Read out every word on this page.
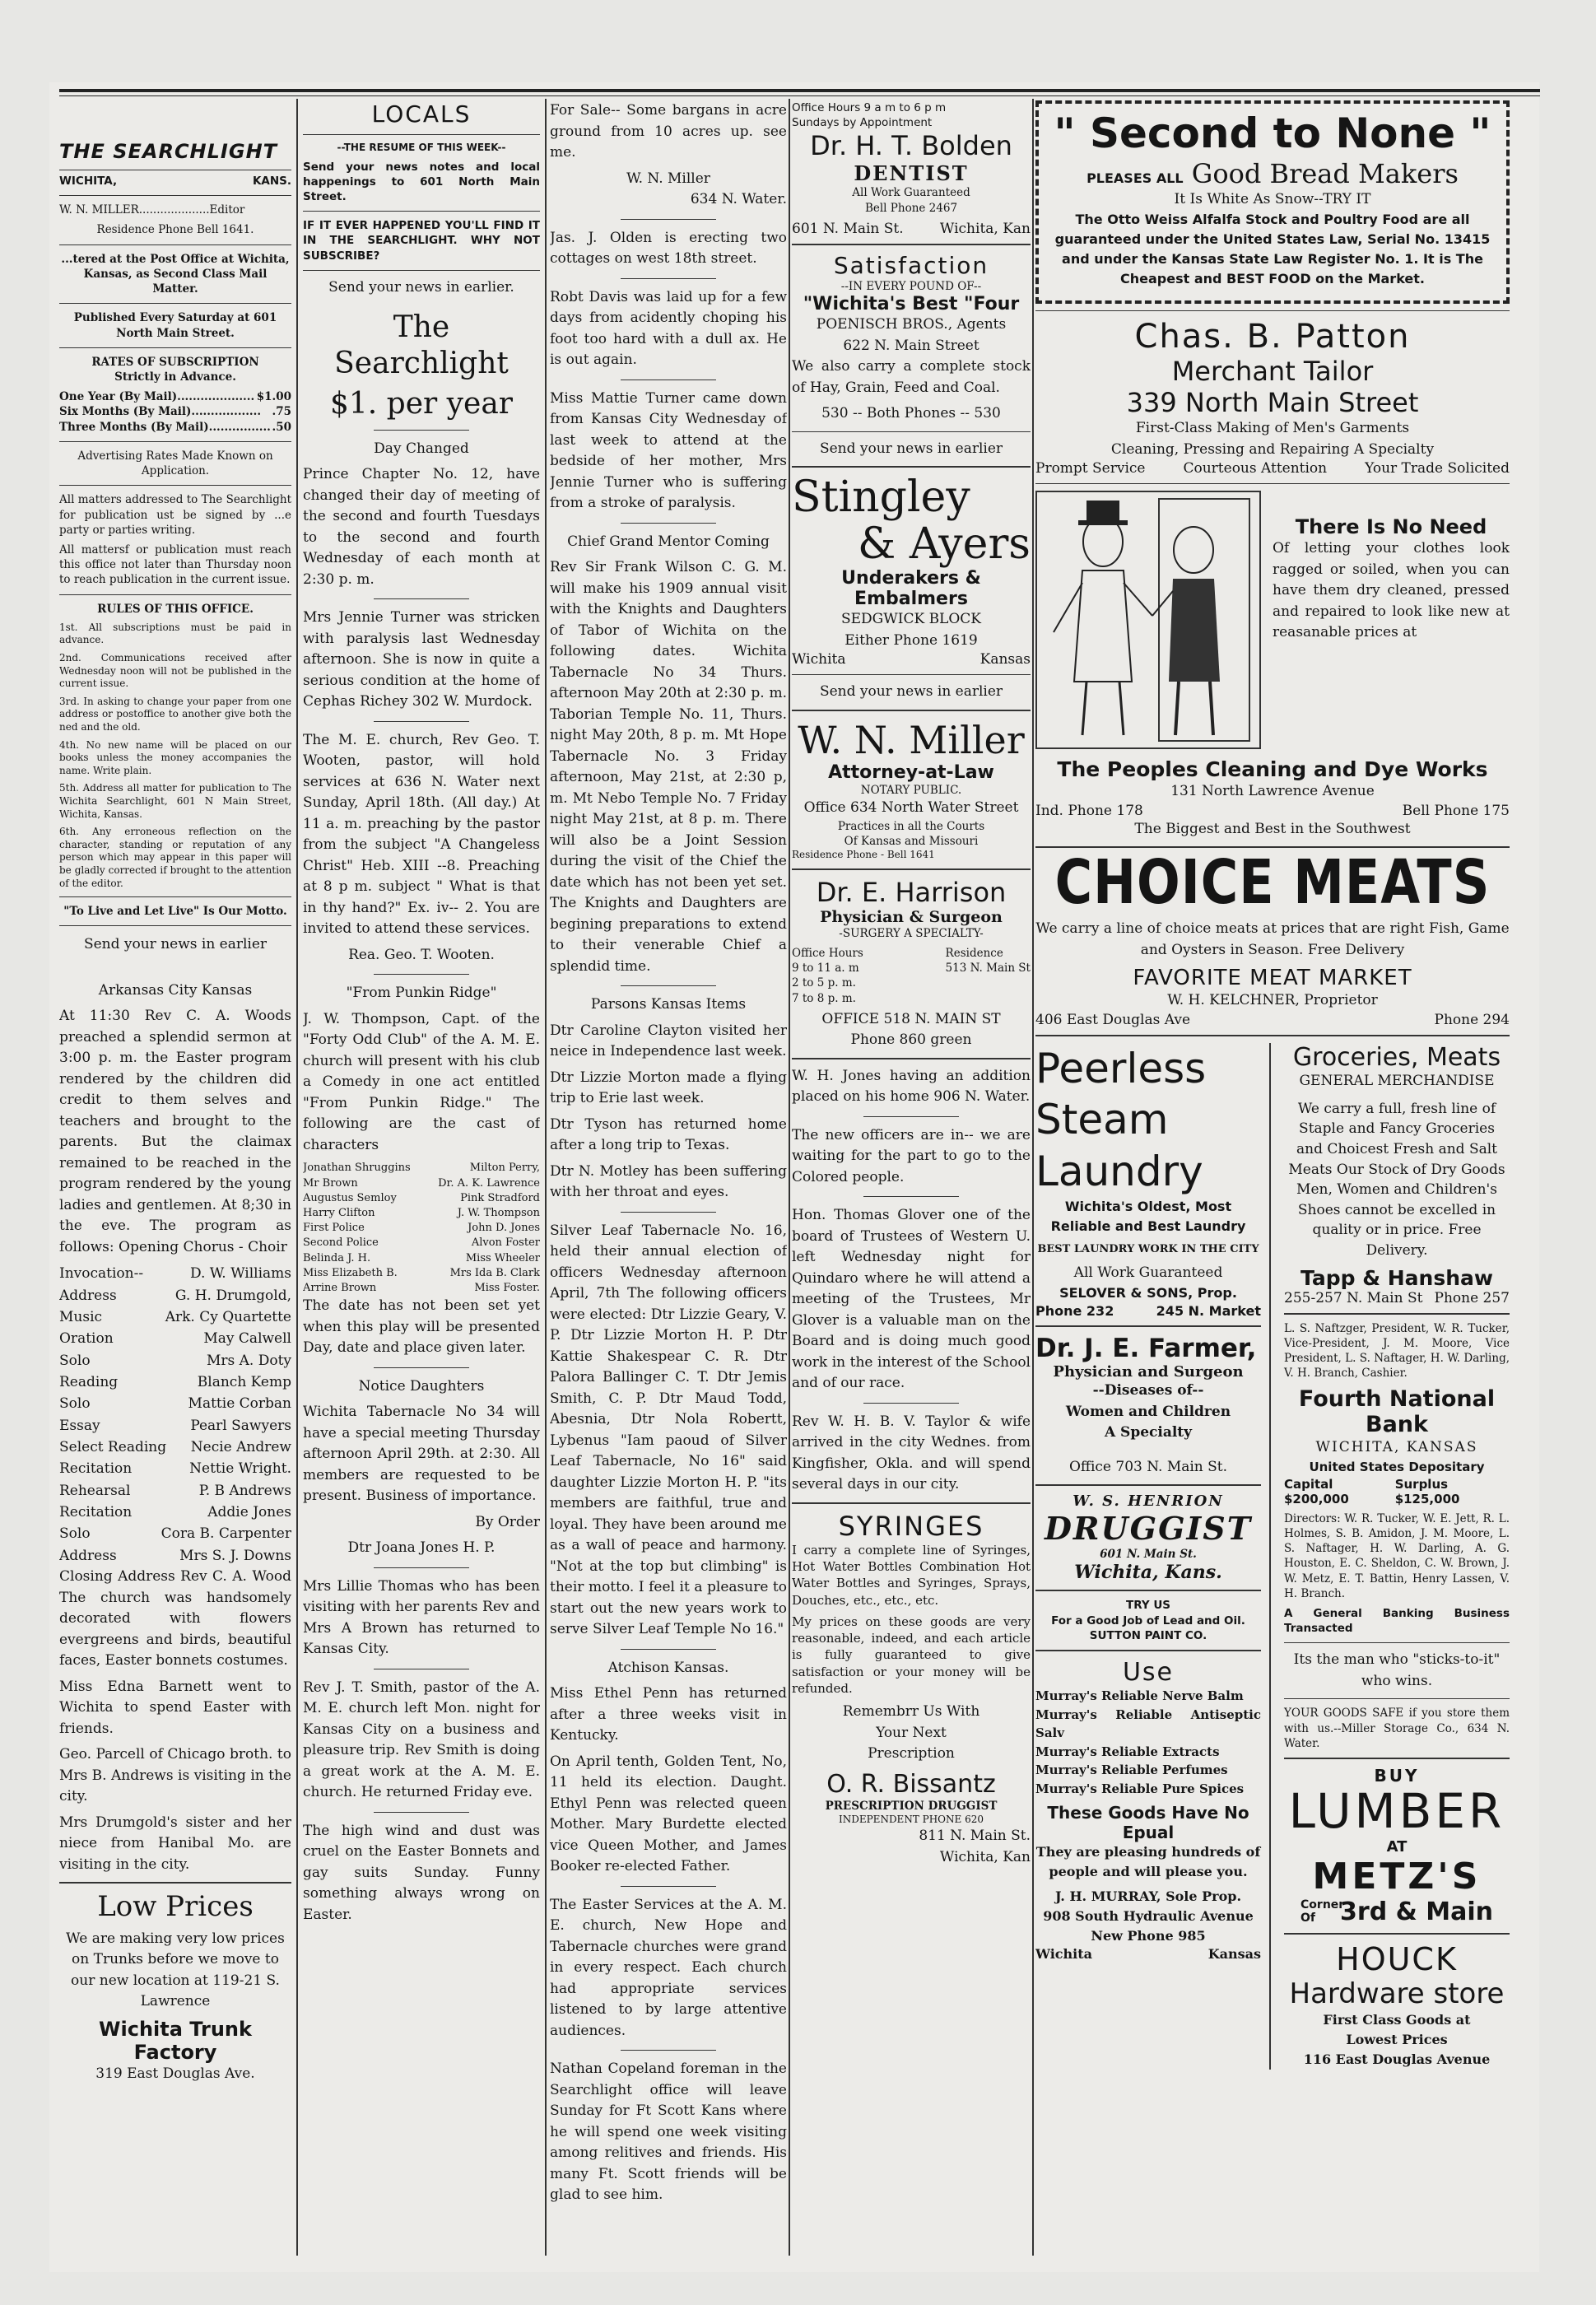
THE SEARCHLIGHT
WICHITA,	KANS.

W. N. MILLER....................Editor

Residence Phone Bell 1641.

...tered at the Post Office at Wichita, Kansas, as Second Class Mail Matter.

Published Every Saturday at 601 North Main Street.

RATES OF SUBSCRIPTION

Strictly in Advance.

One Year (By Mail).................... $1.00
Six Months (By Mail).................. .75
Three Months (By Mail)................ .50

Advertising Rates Made Known on Application.

All matters addressed to The Searchlight for publication ust be signed by ...e party or parties writing.

All mattersf or publication must reach this office not later than Thursday noon to reach publication in the current issue.

RULES OF THIS OFFICE.

1st. All subscriptions must be paid in advance.

2nd. Communications received after Wednesday noon will not be published in the current issue.

3rd. In asking to change your paper from one address or postoffice to another give both the ned and the old.

4th. No new name will be placed on our books unless the money accompanies the name. Write plain.

5th. Address all matter for publication to The Wichita Searchlight, 601 N Main Street, Wichita, Kansas.

6th. Any erroneous reflection on the character, standing or reputation of any person which may appear in this paper will be gladly corrected if brought to the attention of the editor.

"To Live and Let Live" Is Our Motto.

Send your news in earlier

Arkansas City Kansas

At 11:30 Rev C. A. Woods preached a splendid sermon at 3:00 p. m. the Easter program rendered by the children did credit to them selves and teachers and brought to the parents. But the claimax remained to be reached in the program rendered by the young ladies and gentlemen. At 8;30 in the eve. The program as follows: Opening Chorus - Choir

Invocation--	D. W. Williams
Address	G. H. Drumgold,
Music	Ark. Cy Quartette
Oration	May Calwell
Solo	Mrs A. Doty
Reading	Blanch Kemp
Solo	Mattie Corban
Essay	Pearl Sawyers
Select Reading Necie Andrew
Recitation	Nettie Wright.
Rehearsal	P. B Andrews
Recitation	Addie Jones
Solo	Cora B. Carpenter
Address	Mrs S. J. Downs

Closing Address Rev C. A. Wood The church was handsomely decorated with flowers evergreens and birds, beautiful faces, Easter bonnets costumes.

Miss Edna Barnett went to Wichita to spend Easter with friends.

Geo. Parcell of Chicago broth. to Mrs B. Andrews is visiting in the city.

Mrs Drumgold's sister and her niece from Hanibal Mo. are visiting in the city.

Low Prices

We are making very low prices on Trunks before we move to our new location at 119-21 S. Lawrence

Wichita Trunk Factory

319 East Douglas Ave.

LOCALS

--THE RESUME OF THIS WEEK--

Send your news notes and local happenings to 601 North Main Street.

IF IT EVER HAPPENED YOU'LL FIND IT IN THE SEARCHLIGHT. WHY NOT SUBSCRIBE?

Send your news in earlier.

The Searchlight
$1. per year

Day Changed

Prince Chapter No. 12, have changed their day of meeting of the second and fourth Tuesdays to the second and fourth Wednesday of each month at 2:30 p. m.

Mrs Jennie Turner was stricken with paralysis last Wednesday afternoon. She is now in quite a serious condition at the home of Cephas Richey 302 W. Murdock.

The M. E. church, Rev Geo. T. Wooten, pastor, will hold services at 636 N. Water next Sunday, April 18th. (All day.) At 11 a. m. preaching by the pastor from the subject "A Changeless Christ" Heb. XIII --8. Preaching at 8 p m. subject " What is that in thy hand?" Ex. iv-- 2. You are invited to attend these services.

Rea. Geo. T. Wooten.

"From Punkin Ridge"

J. W. Thompson, Capt. of the "Forty Odd Club" of the A. M. E. church will present with his club a Comedy in one act entitled "From Punkin Ridge." The following are the cast of characters

Jonathan Shruggins	Milton Perry,
Mr Brown	Dr. A. K. Lawrence
Augustus Semloy	Pink Stradford
Harry Clifton	J. W. Thompson
First Police	John D. Jones
Second Police	Alvon Foster
Belinda J. H.	Miss Wheeler
Miss Elizabeth B.	Mrs Ida B. Clark
Arrine Brown	Miss Foster.

The date has not been set yet when this play will be presented Day, date and place given later.

Notice Daughters

Wichita Tabernacle No 34 will have a special meeting Thursday afternoon April 29th. at 2:30. All members are requested to be present. Business of importance.

By Order

Dtr Joana Jones H. P.

Mrs Lillie Thomas who has been visiting with her parents Rev and Mrs A Brown has returned to Kansas City.

Rev J. T. Smith, pastor of the A. M. E. church left Mon. night for Kansas City on a business and pleasure trip. Rev Smith is doing a great work at the A. M. E. church. He returned Friday eve.

The high wind and dust was cruel on the Easter Bonnets and gay suits Sunday. Funny something always wrong on Easter.

For Sale-- Some bargans in acre ground from 10 acres up. see me.

W. N. Miller

634 N. Water.

Jas. J. Olden is erecting two cottages on west 18th street.

Robt Davis was laid up for a few days from acidently choping his foot too hard with a dull ax. He is out again.

Miss Mattie Turner came down from Kansas City Wednesday of last week to attend at the bedside of her mother, Mrs Jennie Turner who is suffering from a stroke of paralysis.

Chief Grand Mentor Coming

Rev Sir Frank Wilson C. G. M. will make his 1909 annual visit with the Knights and Daughters of Tabor of Wichita on the following dates. Wichita Tabernacle No 34 Thurs. afternoon May 20th at 2:30 p. m. Taborian Temple No. 11, Thurs. night May 20th, 8 p. m. Mt Hope Tabernacle No. 3 Friday afternoon, May 21st, at 2:30 p, m. Mt Nebo Temple No. 7 Friday night May 21st, at 8 p. m. There will also be a Joint Session during the visit of the Chief the date which has not been yet set. The Knights and Daughters are begining preparations to extend to their venerable Chief a splendid time.

Parsons Kansas Items

Dtr Caroline Clayton visited her neice in Independence last week.

Dtr Lizzie Morton made a flying trip to Erie last week.

Dtr Tyson has returned home after a long trip to Texas.

Dtr N. Motley has been suffering with her throat and eyes.

Silver Leaf Tabernacle No. 16, held their annual election of officers Wednesday afternoon April, 7th The following officers were elected: Dtr Lizzie Geary, V. P. Dtr Lizzie Morton H. P. Dtr Kattie Shakespear C. R. Dtr Palora Ballinger C. T. Dtr Jemis Smith, C. P. Dtr Maud Todd, Abesnia, Dtr Nola Robertt, Lybenus "Iam paoud of Silver Leaf Tabernacle, No 16" said daughter Lizzie Morton H. P. "its members are faithful, true and loyal. They have been around me as a wall of peace and harmony. "Not at the top but climbing" is their motto. I feel it a pleasure to start out the new years work to serve Silver Leaf Temple No 16."

Atchison Kansas.

Miss Ethel Penn has returned after a three weeks visit in Kentucky.

On April tenth, Golden Tent, No, 11 held its election. Daught. Ethyl Penn was relected queen Mother. Mary Burdette elected vice Queen Mother, and James Booker re-elected Father.

The Easter Services at the A. M. E. church, New Hope and Tabernacle churches were grand in every respect. Each church had appropriate services listened to by large attentive audiences.

Nathan Copeland foreman in the Searchlight office will leave Sunday for Ft Scott Kans where he will spend one week visiting among relitives and friends. His many Ft. Scott friends will be glad to see him.

Office Hours 9 a m to 6 p m

Sundays by Appointment

Dr. H. T. Bolden
DENTIST

All Work Guaranteed

Bell Phone 2467

601 N. Main St.	Wichita, Kan
Satisfaction

--IN EVERY POUND OF--

"Wichita's Best "Four

POENISCH BROS., Agents

622 N. Main Street

We also carry a complete stock of Hay, Grain, Feed and Coal.

530 -- Both Phones -- 530

Send your news in earlier

Stingley
& Ayers
Underakers & Embalmers

SEDGWICK BLOCK

Either Phone 1619

Wichita	Kansas

Send your news in earlier

W. N. Miller
Attorney-at-Law

NOTARY PUBLIC.

Office 634 North Water Street

Practices in all the Courts

Of Kansas and Missouri

Residence Phone - Bell 1641

Dr. E. Harrison
Physician & Surgeon

-SURGERY A SPECIALTY-

Office Hours
9 to 11 a. m
2 to 5 p. m.
7 to 8 p. m.
Residence
513 N. Main St

OFFICE 518 N. MAIN ST

Phone 860 green

W. H. Jones having an addition placed on his home 906 N. Water.

The new officers are in-- we are waiting for the part to go to the Colored people.

Hon. Thomas Glover one of the board of Trustees of Western U. left Wednesday night for Quindaro where he will attend a meeting of the Trustees, Mr Glover is a valuable man on the Board and is doing much good work in the interest of the School and of our race.

Rev W. H. B. V. Taylor & wife arrived in the city Wednes. from Kingfisher, Okla. and will spend several days in our city.

SYRINGES

I carry a complete line of Syringes, Hot Water Bottles Combination Hot Water Bottles and Syringes, Sprays, Douches, etc., etc., etc.

My prices on these goods are very reasonable, indeed, and each article is fully guaranteed to give satisfaction or your money will be refunded.

Remembrr Us With

Your Next

Prescription

O. R. Bissantz

PRESCRIPTION DRUGGIST

INDEPENDENT PHONE 620

811 N. Main St.

Wichita, Kan

" Second to None "
PLEASES ALL Good Bread Makers

It Is White As Snow--TRY IT

The Otto Weiss Alfalfa Stock and Poultry Food are all guaranteed under the United States Law, Serial No. 13415 and under the Kansas State Law Register No. 1. It is The Cheapest and BEST FOOD on the Market.

Chas. B. Patton
Merchant Tailor
339 North Main Street

First-Class Making of Men's Garments

Cleaning, Pressing and Repairing A Specialty

Prompt Service	Courteous Attention	Your Trade Solicited
There Is No Need

Of letting your clothes look ragged or soiled, when you can have them dry cleaned, pressed and repaired to look like new at reasanable prices at

The Peoples Cleaning and Dye Works

131 North Lawrence Avenue

Ind. Phone 178	Bell Phone 175

The Biggest and Best in the Southwest

CHOICE MEATS

We carry a line of choice meats at prices that are right Fish, Game and Oysters in Season. Free Delivery

FAVORITE MEAT MARKET

W. H. KELCHNER, Proprietor

406 East Douglas Ave	Phone 294
Peerless
Steam
Laundry

Wichita's Oldest, Most Reliable and Best Laundry

BEST LAUNDRY WORK IN THE CITY

All Work Guaranteed

SELOVER & SONS, Prop.

Phone 232	245 N. Market
Dr. J. E. Farmer,
Physician and Surgeon

--Diseases of--

Women and Children

A Specialty

Office 703 N. Main St.

W. S. HENRION
DRUGGIST

601 N. Main St.

Wichita, Kans.

TRY US

For a Good Job of Lead and Oil.

SUTTON PAINT CO.

Use

Murray's Reliable Nerve Balm

Murray's Reliable Antiseptic Salv

Murray's Reliable Extracts

Murray's Reliable Perfumes

Murray's Reliable Pure Spices

These Goods Have No Epual

They are pleasing hundreds of people and will please you.

J. H. MURRAY, Sole Prop.

908 South Hydraulic Avenue

New Phone 985

Wichita	Kansas
Groceries, Meats

GENERAL MERCHANDISE

We carry a full, fresh line of Staple and Fancy Groceries and Choicest Fresh and Salt Meats Our Stock of Dry Goods Men, Women and Children's Shoes cannot be excelled in quality or in price. Free Delivery.

Tapp & Hanshaw
255-257 N. Main St Phone 257

L. S. Naftzger, President, W. R. Tucker, Vice-President, J. M. Moore, Vice President, L. S. Naftager, H. W. Darling, V. H. Branch, Cashier.

Fourth National Bank

WICHITA, KANSAS

United States Depositary

Capital $200,000
Surplus $125,000

Directors: W. R. Tucker, W. E. Jett, R. L. Holmes, S. B. Amidon, J. M. Moore, L. S. Naftager, H. W. Darling, A. G. Houston, E. C. Sheldon, C. W. Brown, J. W. Metz, E. T. Battin, Henry Lassen, V. H. Branch.

A General Banking Business Transacted

Its the man who "sticks-to-it" who wins.

YOUR GOODS SAFE if you store them with us.--Miller Storage Co., 634 N. Water.

BUY
LUMBER
AT
METZ'S
Corner Of	3rd & Main
HOUCK
Hardware store

First Class Goods at

Lowest Prices

116 East Douglas Avenue
